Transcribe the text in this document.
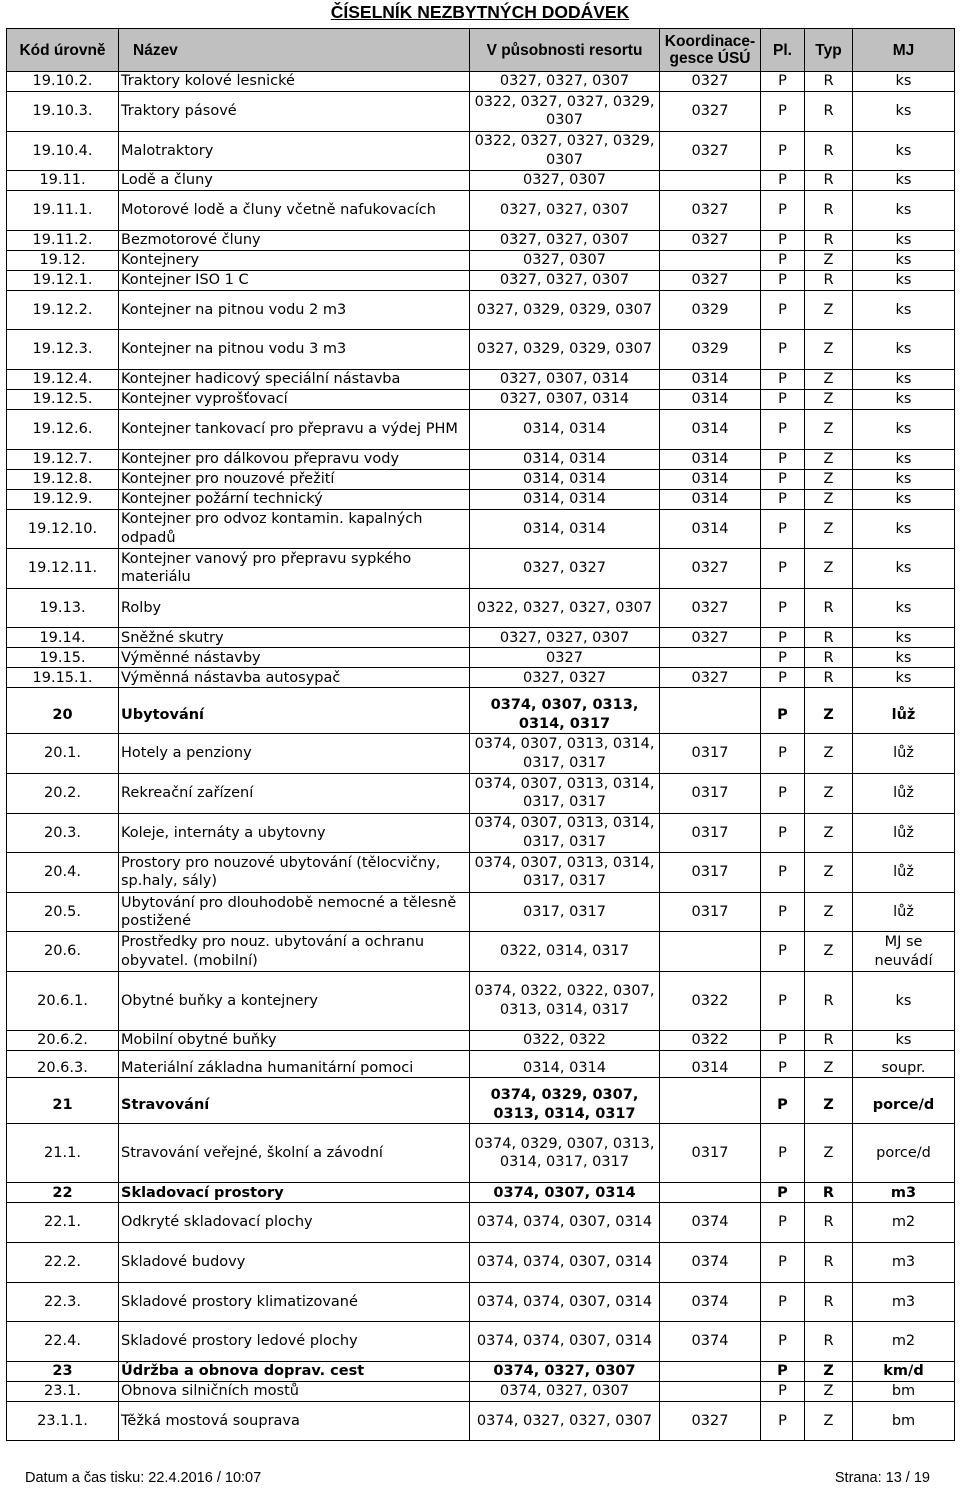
ČÍSELNÍK NEZBYTNÝCH DODÁVEK
Kód úrovně	Název	V působnosti resortu	Koordinace-gesce ÚSÚ	Pl.	Typ	MJ
19.10.2.	Traktory kolové lesnické	0327, 0327, 0307	0327	P	R	ks
19.10.3.	Traktory pásové	0322, 0327, 0327, 0329, 0307	0327	P	R	ks
19.10.4.	Malotraktory	0322, 0327, 0327, 0329, 0307	0327	P	R	ks
19.11.	Lodě a čluny	0327, 0307		P	R	ks
19.11.1.	Motorové lodě a čluny včetně nafukovacích	0327, 0327, 0307	0327	P	R	ks
19.11.2.	Bezmotorové čluny	0327, 0327, 0307	0327	P	R	ks
19.12.	Kontejnery	0327, 0307		P	Z	ks
19.12.1.	Kontejner ISO 1 C	0327, 0327, 0307	0327	P	R	ks
19.12.2.	Kontejner na pitnou vodu 2 m3	0327, 0329, 0329, 0307	0329	P	Z	ks
19.12.3.	Kontejner na pitnou vodu 3 m3	0327, 0329, 0329, 0307	0329	P	Z	ks
19.12.4.	Kontejner hadicový speciální nástavba	0327, 0307, 0314	0314	P	Z	ks
19.12.5.	Kontejner vyprošťovací	0327, 0307, 0314	0314	P	Z	ks
19.12.6.	Kontejner tankovací pro přepravu a výdej PHM	0314, 0314	0314	P	Z	ks
19.12.7.	Kontejner pro dálkovou přepravu vody	0314, 0314	0314	P	Z	ks
19.12.8.	Kontejner pro nouzové přežití	0314, 0314	0314	P	Z	ks
19.12.9.	Kontejner požární technický	0314, 0314	0314	P	Z	ks
19.12.10.	Kontejner pro odvoz kontamin. kapalných odpadů	0314, 0314	0314	P	Z	ks
19.12.11.	Kontejner vanový pro přepravu sypkého materiálu	0327, 0327	0327	P	Z	ks
19.13.	Rolby	0322, 0327, 0327, 0307	0327	P	R	ks
19.14.	Sněžné skutry	0327, 0327, 0307	0327	P	R	ks
19.15.	Výměnné nástavby	0327		P	R	ks
19.15.1.	Výměnná nástavba autosypač	0327, 0327	0327	P	R	ks
20	Ubytování	0374, 0307, 0313, 0314, 0317		P	Z	lůž
20.1.	Hotely a penziony	0374, 0307, 0313, 0314, 0317, 0317	0317	P	Z	lůž
20.2.	Rekreační zařízení	0374, 0307, 0313, 0314, 0317, 0317	0317	P	Z	lůž
20.3.	Koleje, internáty a ubytovny	0374, 0307, 0313, 0314, 0317, 0317	0317	P	Z	lůž
20.4.	Prostory pro nouzové ubytování (tělocvičny, sp.haly, sály)	0374, 0307, 0313, 0314, 0317, 0317	0317	P	Z	lůž
20.5.	Ubytování pro dlouhodobě nemocné a tělesně postižené	0317, 0317	0317	P	Z	lůž
20.6.	Prostředky pro nouz. ubytování a ochranu obyvatel. (mobilní)	0322, 0314, 0317		P	Z	MJ se neuvádí
20.6.1.	Obytné buňky a kontejnery	0374, 0322, 0322, 0307, 0313, 0314, 0317	0322	P	R	ks
20.6.2.	Mobilní obytné buňky	0322, 0322	0322	P	R	ks
20.6.3.	Materiální základna humanitární pomoci	0314, 0314	0314	P	Z	soupr.
21	Stravování	0374, 0329, 0307, 0313, 0314, 0317		P	Z	porce/d
21.1.	Stravování veřejné, školní a závodní	0374, 0329, 0307, 0313, 0314, 0317, 0317	0317	P	Z	porce/d
22	Skladovací prostory	0374, 0307, 0314		P	R	m3
22.1.	Odkryté skladovací plochy	0374, 0374, 0307, 0314	0374	P	R	m2
22.2.	Skladové budovy	0374, 0374, 0307, 0314	0374	P	R	m3
22.3.	Skladové prostory klimatizované	0374, 0374, 0307, 0314	0374	P	R	m3
22.4.	Skladové prostory ledové plochy	0374, 0374, 0307, 0314	0374	P	R	m2
23	Údržba a obnova doprav. cest	0374, 0327, 0307		P	Z	km/d
23.1.	Obnova silničních mostů	0374, 0327, 0307		P	Z	bm
23.1.1.	Těžká mostová souprava	0374, 0327, 0327, 0307	0327	P	Z	bm
Datum a čas tisku: 22.4.2016 / 10:07	Strana: 13 / 19
